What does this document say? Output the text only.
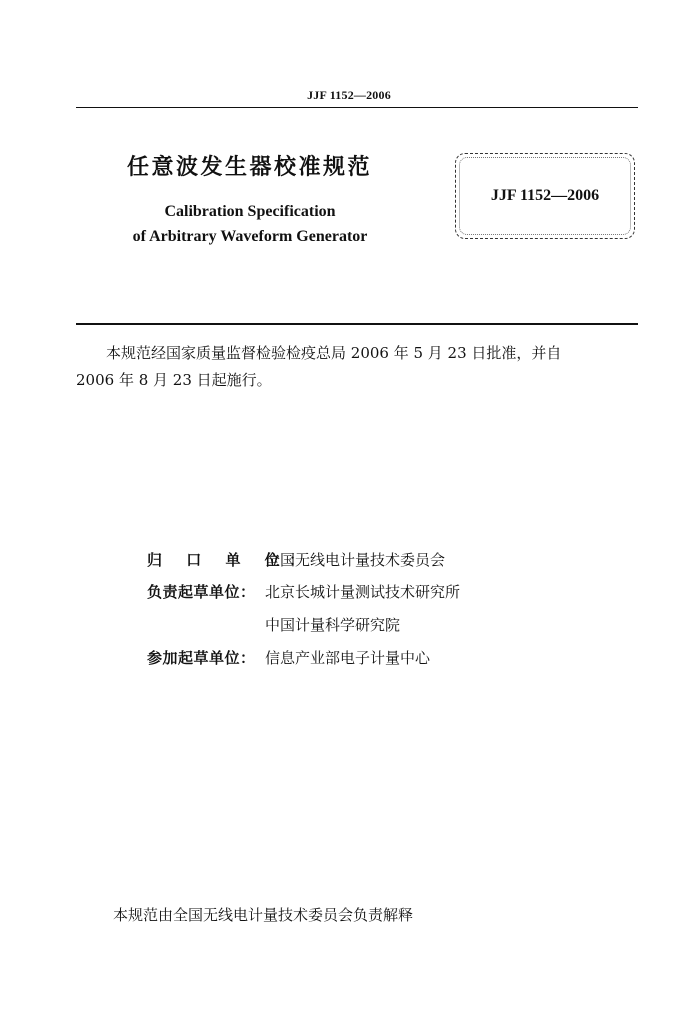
JJF 1152—2006
任意波发生器校准规范
Calibration Specification
of Arbitrary Waveform Generator
JJF 1152—2006
本规范经国家质量监督检验检疫总局 2006 年 5 月 23 日批准，并自
2006 年 8 月 23 日起施行。
归 口 单 位：全国无线电计量技术委员会
负责起草单位： 北京长城计量测试技术研究所
中国计量科学研究院
参加起草单位： 信息产业部电子计量中心
本规范由全国无线电计量技术委员会负责解释
